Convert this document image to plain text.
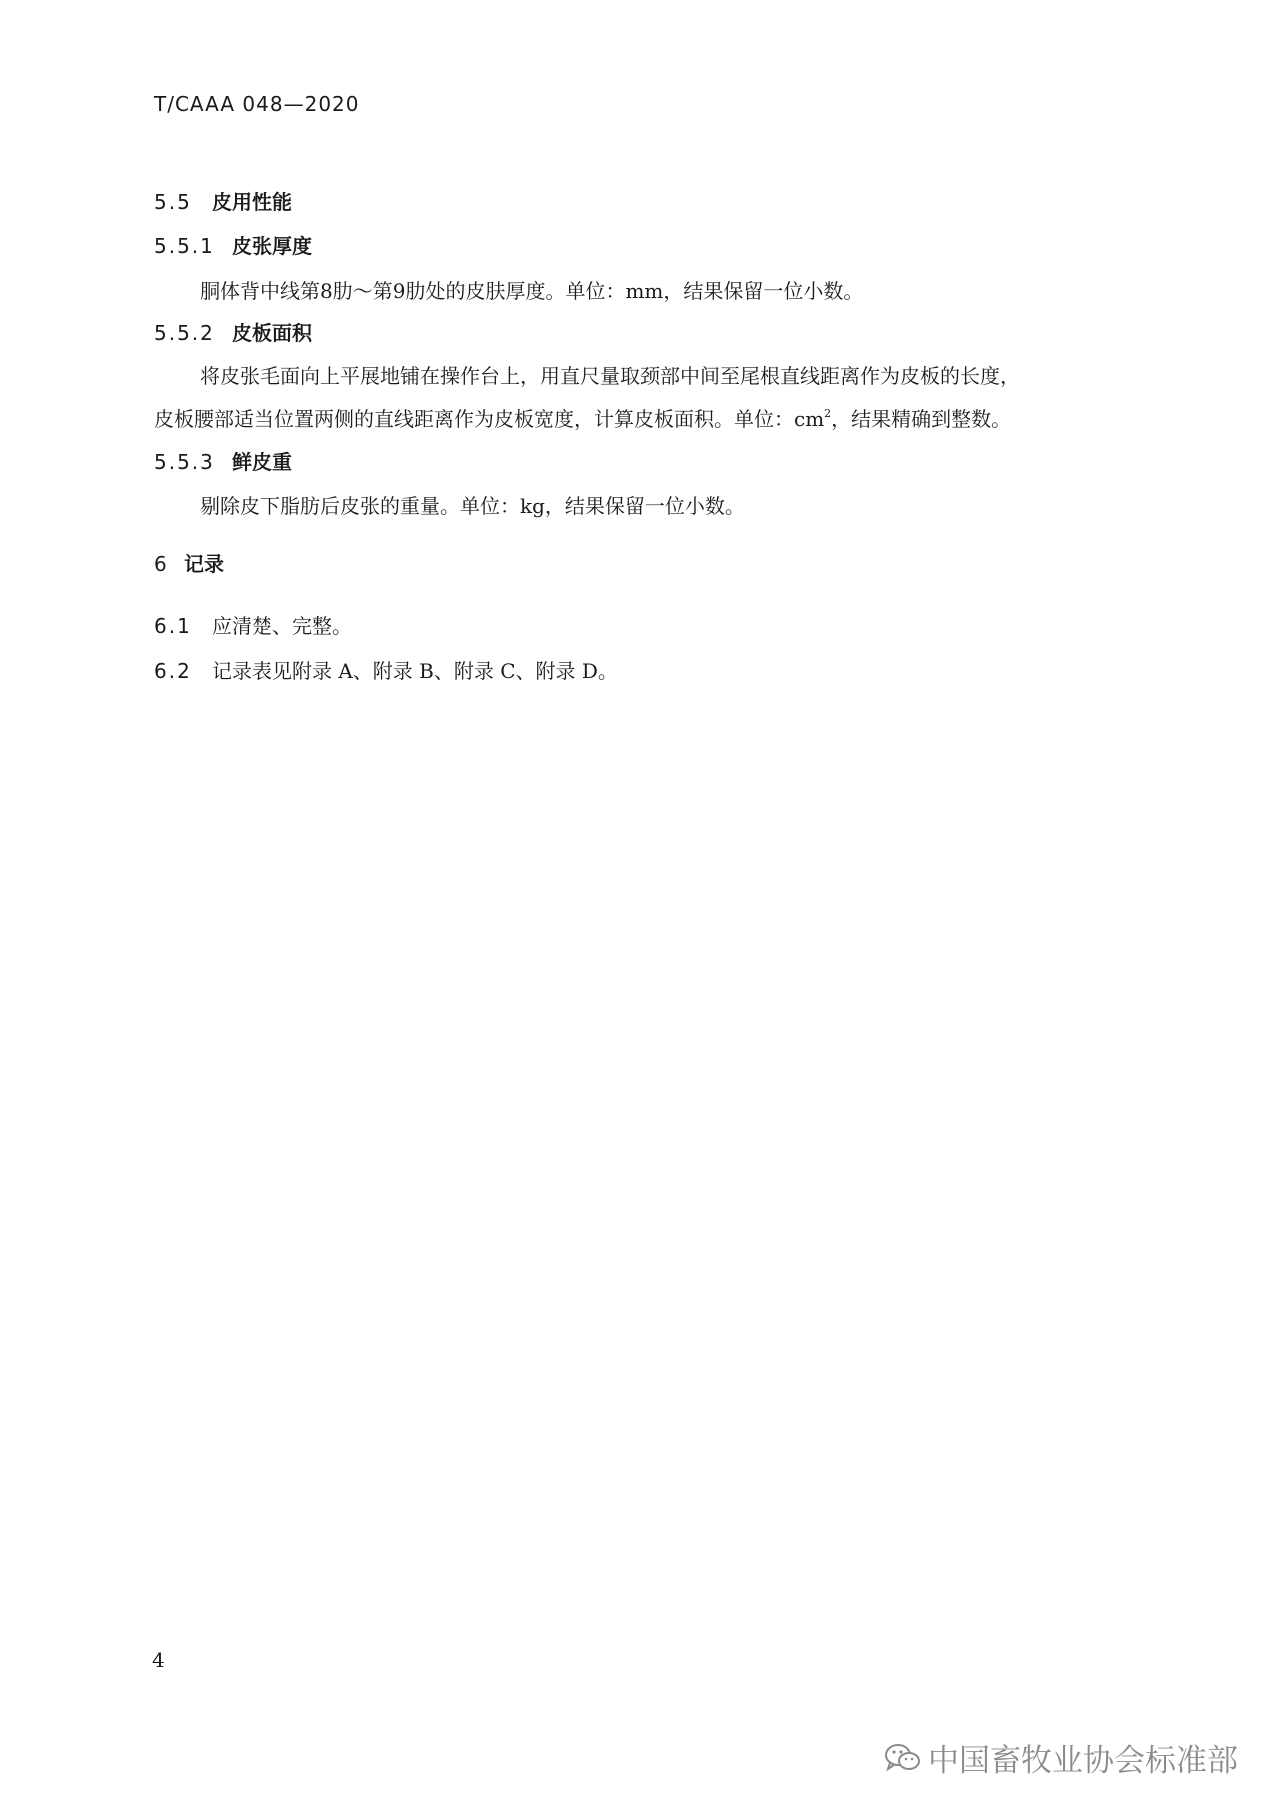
T/CAAA 048—2020
5.5 皮用性能
5.5.1 皮张厚度
胴体背中线第8肋～第9肋处的皮肤厚度。单位：mm，结果保留一位小数。
5.5.2 皮板面积
将皮张毛面向上平展地铺在操作台上，用直尺量取颈部中间至尾根直线距离作为皮板的长度，
皮板腰部适当位置两侧的直线距离作为皮板宽度，计算皮板面积。单位：$cm^2$，结果精确到整数。
5.5.3 鲜皮重
剔除皮下脂肪后皮张的重量。单位：kg，结果保留一位小数。
6 记录
6.1 应清楚、完整。
6.2 记录表见附录 A、附录 B、附录 C、附录 D。
4
中国畜牧业协会标准部
